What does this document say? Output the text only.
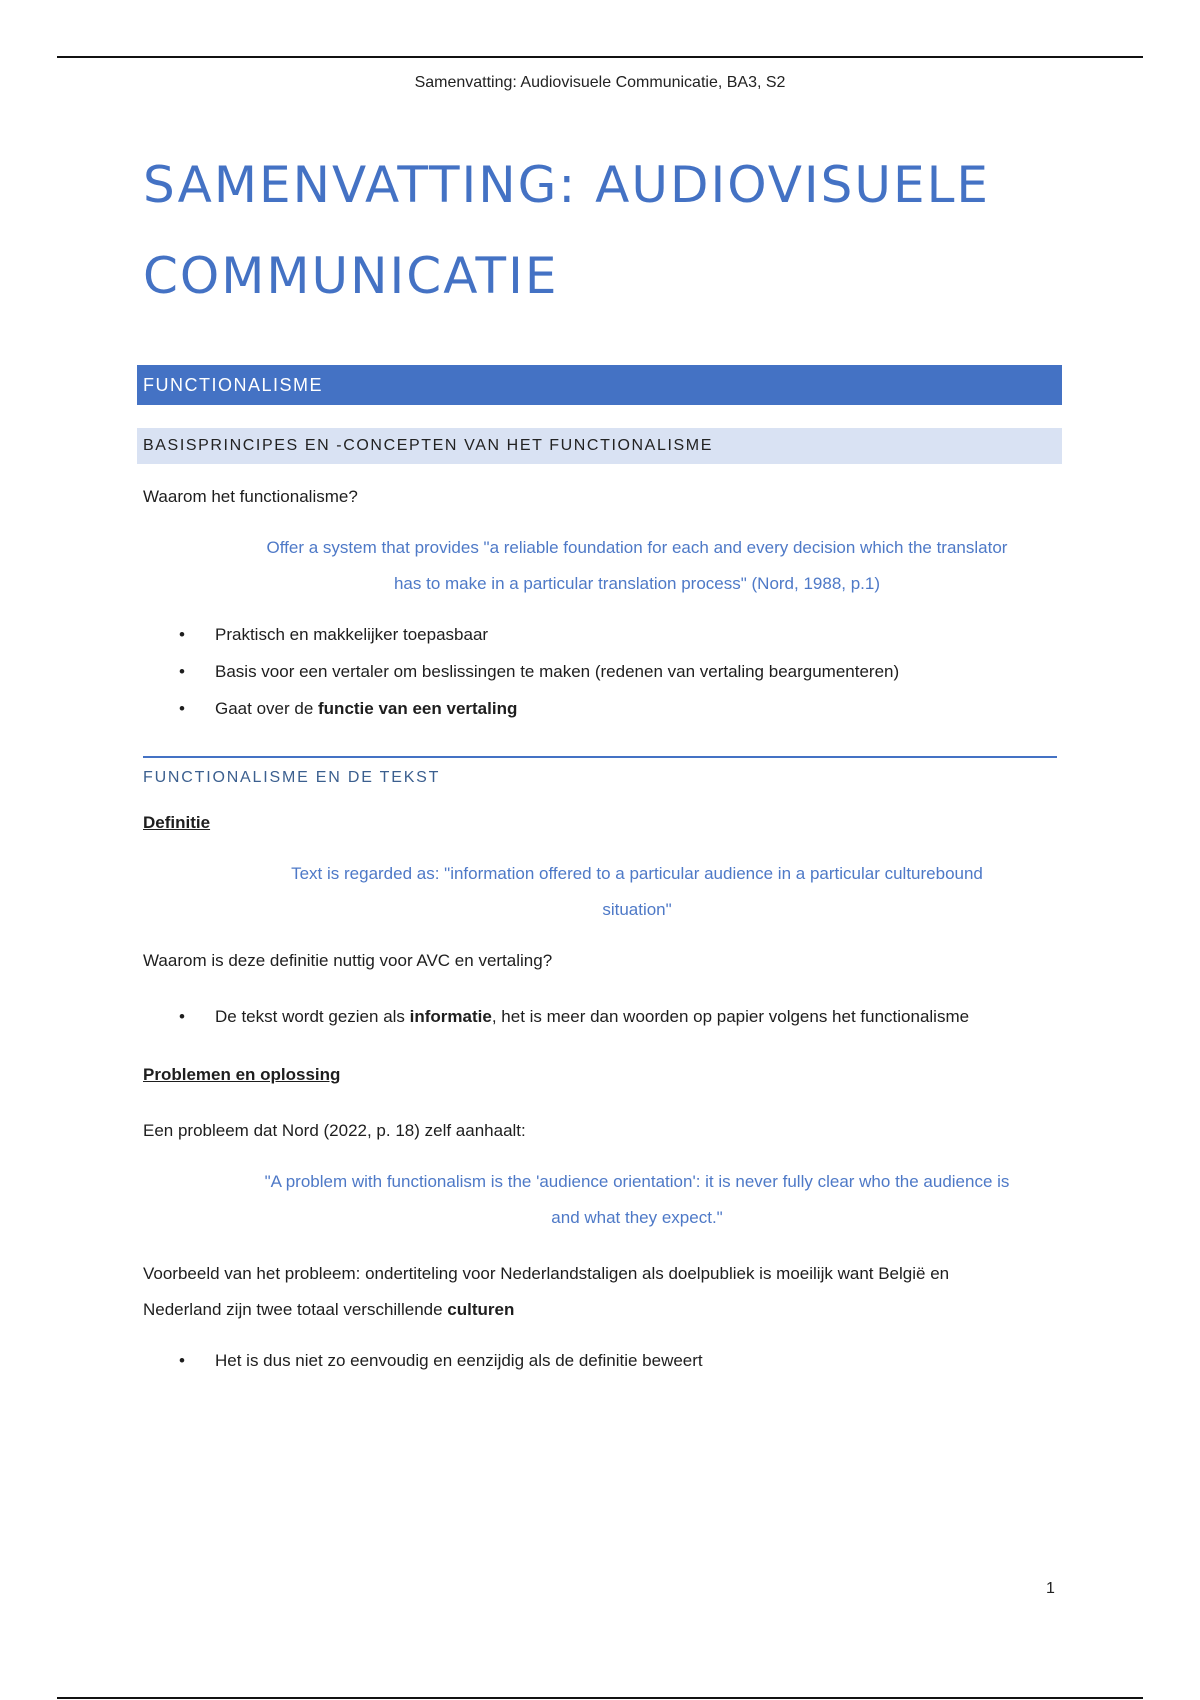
Samenvatting: Audiovisuele Communicatie, BA3, S2
SAMENVATTING: AUDIOVISUELE
COMMUNICATIE
FUNCTIONALISME
BASISPRINCIPES EN -CONCEPTEN VAN HET FUNCTIONALISME
Waarom het functionalisme?
Offer a system that provides "a reliable foundation for each and every decision which the translator
has to make in a particular translation process" (Nord, 1988, p.1)
• Praktisch en makkelijker toepasbaar
• Basis voor een vertaler om beslissingen te maken (redenen van vertaling beargumenteren)
• Gaat over de functie van een vertaling
FUNCTIONALISME EN DE TEKST
Definitie
Text is regarded as: "information offered to a particular audience in a particular culturebound
situation"
Waarom is deze definitie nuttig voor AVC en vertaling?
• De tekst wordt gezien als informatie, het is meer dan woorden op papier volgens het functionalisme
Problemen en oplossing
Een probleem dat Nord (2022, p. 18) zelf aanhaalt:
"A problem with functionalism is the 'audience orientation': it is never fully clear who the audience is
and what they expect."
Voorbeeld van het probleem: ondertiteling voor Nederlandstaligen als doelpubliek is moeilijk want België en
Nederland zijn twee totaal verschillende culturen
• Het is dus niet zo eenvoudig en eenzijdig als de definitie beweert
1
